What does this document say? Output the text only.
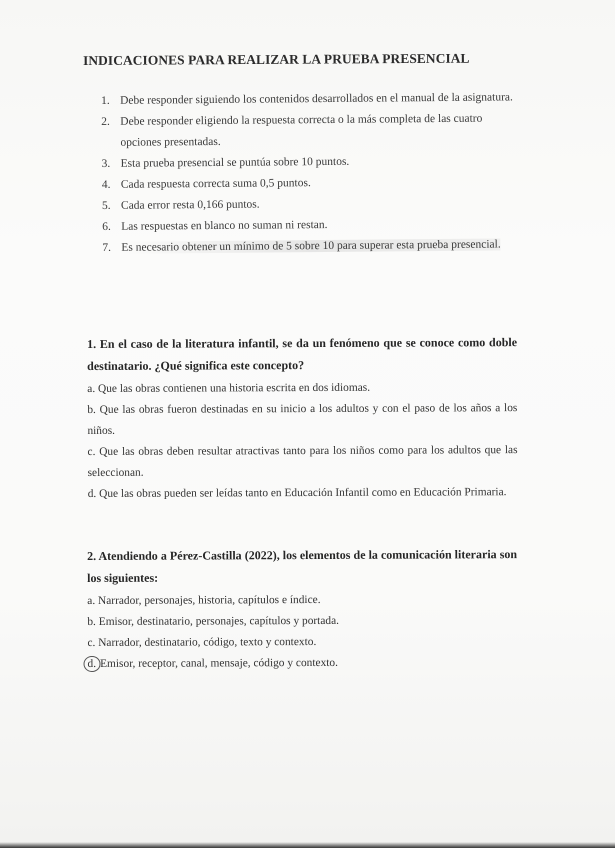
INDICACIONES PARA REALIZAR LA PRUEBA PRESENCIAL
1. Debe responder siguiendo los contenidos desarrollados en el manual de la asignatura.
2. Debe responder eligiendo la respuesta correcta o la más completa de las cuatro opciones presentadas.
3. Esta prueba presencial se puntúa sobre 10 puntos.
4. Cada respuesta correcta suma 0,5 puntos.
5. Cada error resta 0,166 puntos.
6. Las respuestas en blanco no suman ni restan.
7. Es necesario obtener un mínimo de 5 sobre 10 para superar esta prueba presencial.

1. En el caso de la literatura infantil, se da un fenómeno que se conoce como doble destinatario. ¿Qué significa este concepto?

a. Que las obras contienen una historia escrita en dos idiomas.

b. Que las obras fueron destinadas en su inicio a los adultos y con el paso de los años a los niños.

c. Que las obras deben resultar atractivas tanto para los niños como para los adultos que las seleccionan.

d. Que las obras pueden ser leídas tanto en Educación Infantil como en Educación Primaria.

2. Atendiendo a Pérez-Castilla (2022), los elementos de la comunicación literaria son los siguientes:

a. Narrador, personajes, historia, capítulos e índice.

b. Emisor, destinatario, personajes, capítulos y portada.

c. Narrador, destinatario, código, texto y contexto.

d. Emisor, receptor, canal, mensaje, código y contexto.
